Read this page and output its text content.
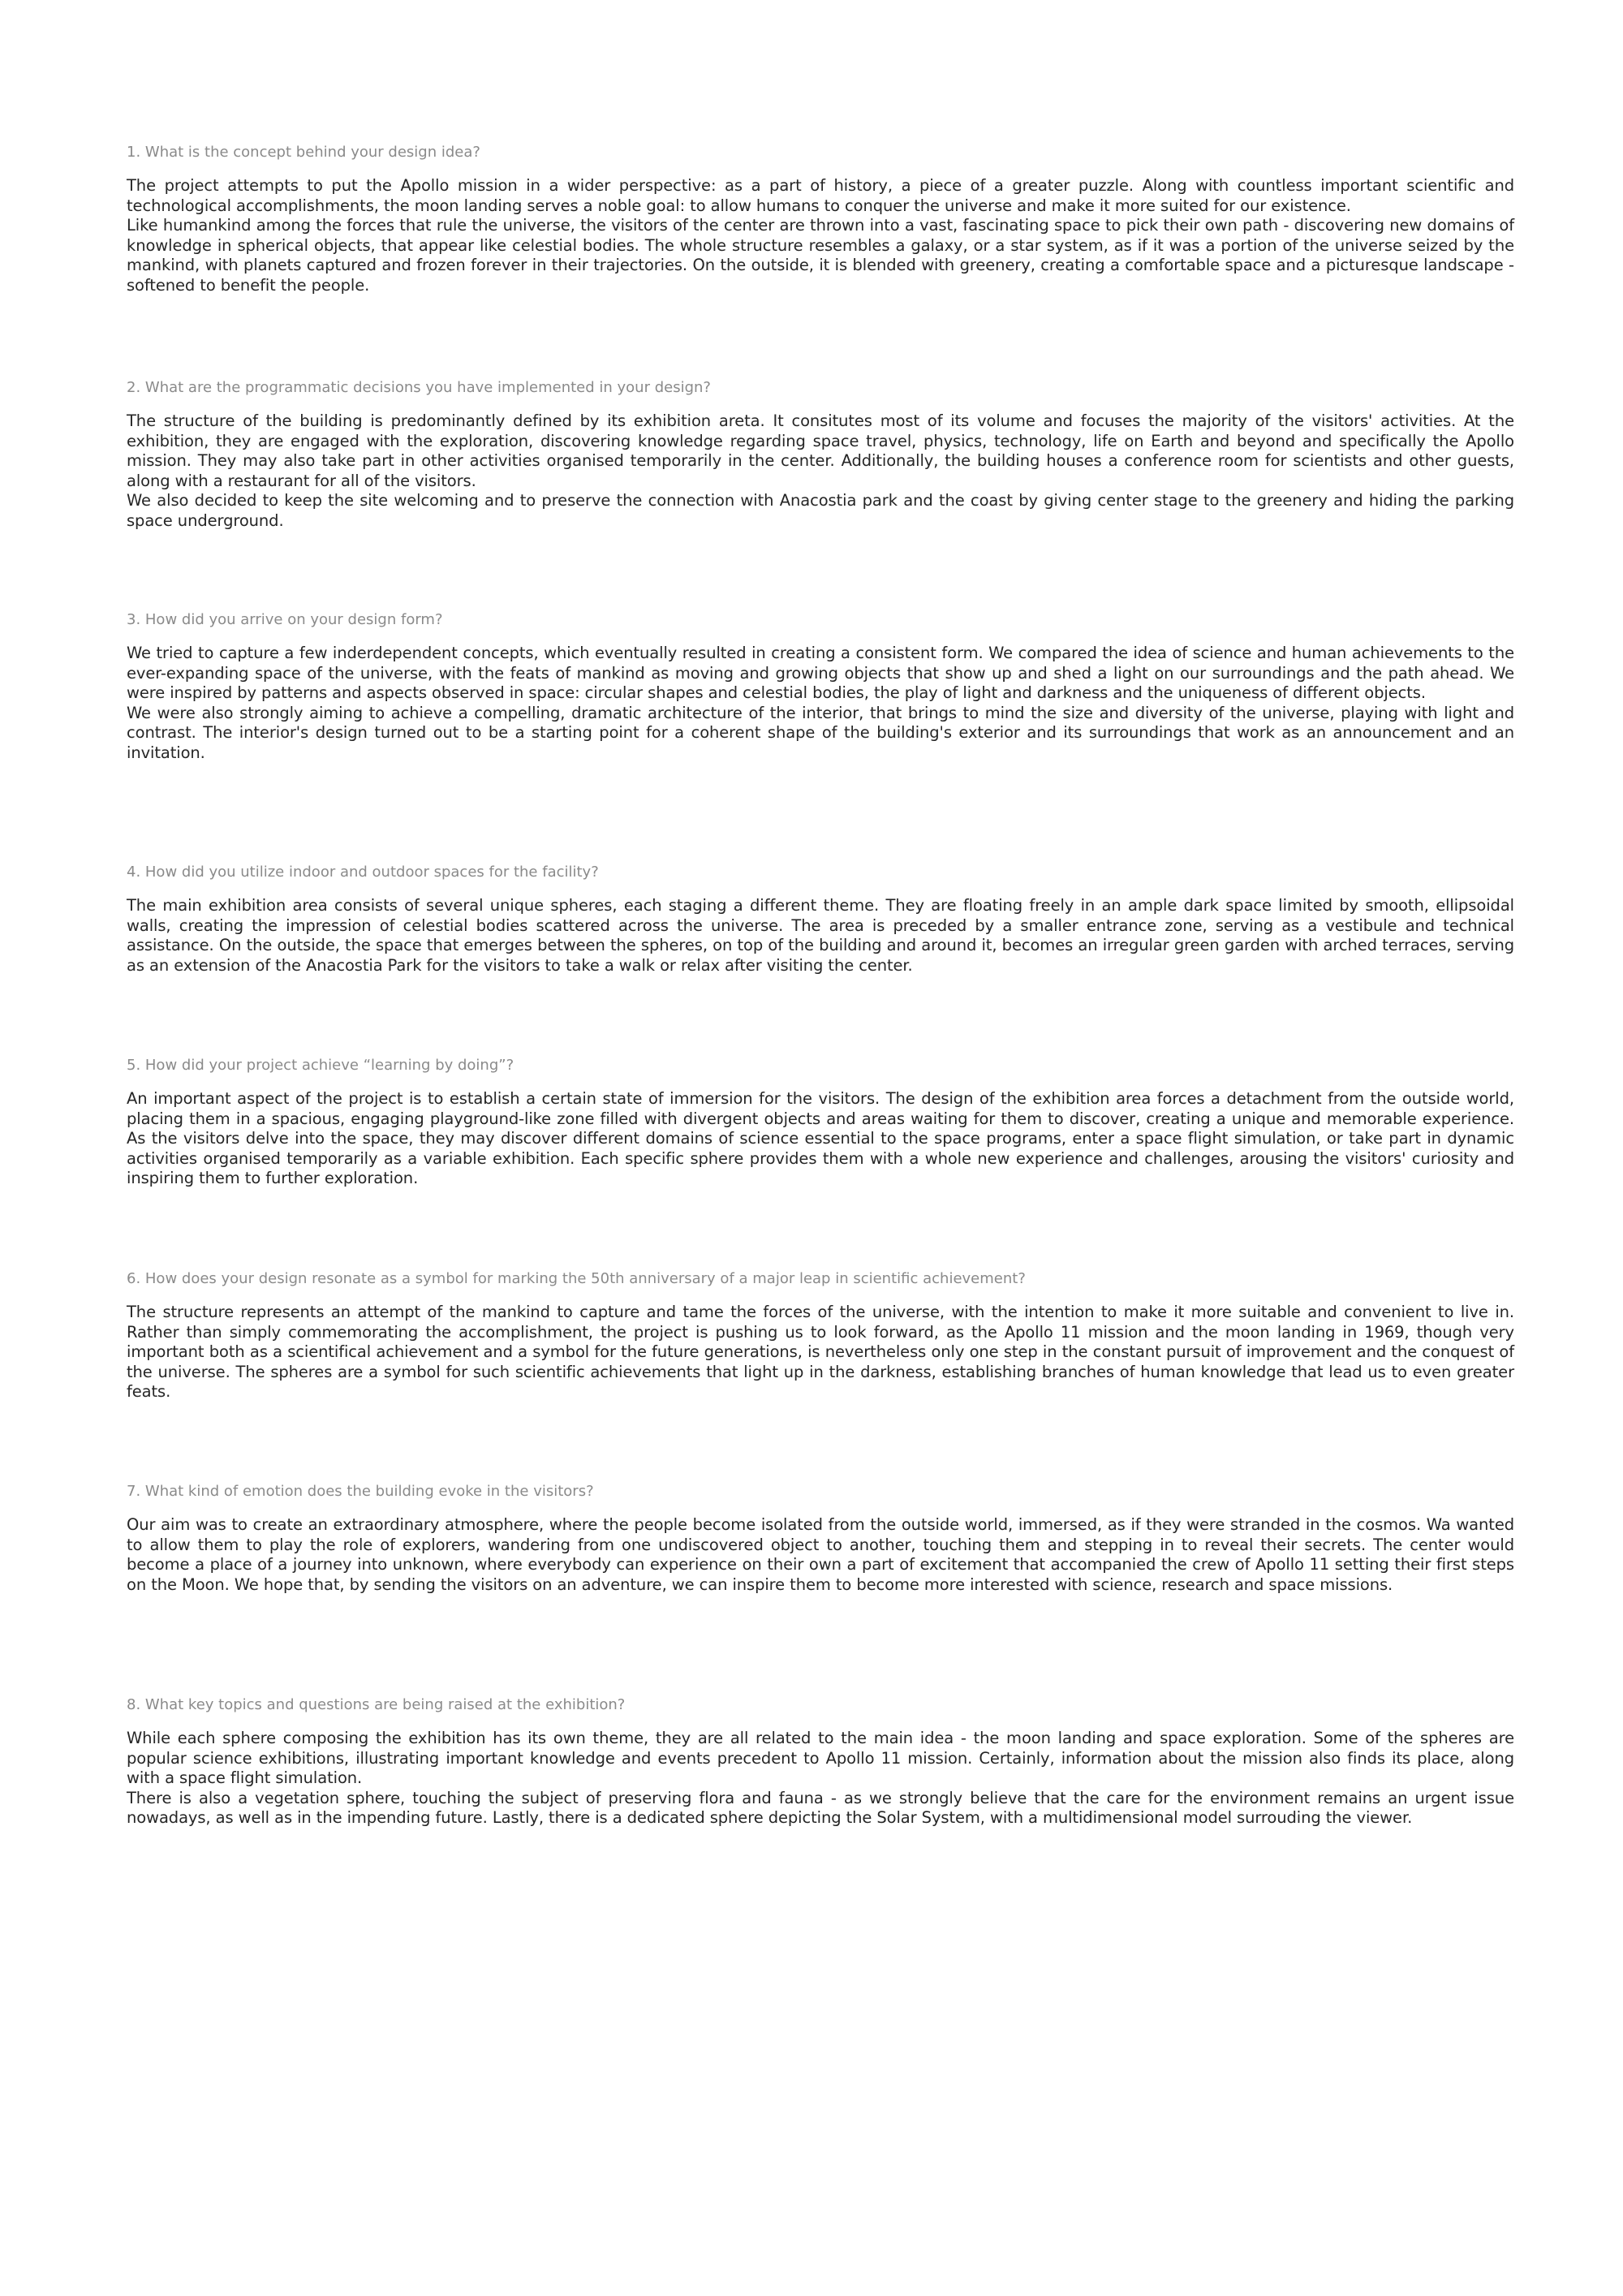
1. What is the concept behind your design idea?

The project attempts to put the Apollo mission in a wider perspective: as a part of history, a piece of a greater puzzle. Along with countless important scientific and technological accomplishments, the moon landing serves a noble goal: to allow humans to conquer the universe and make it more suited for our existence.

Like humankind among the forces that rule the universe, the visitors of the center are thrown into a vast, fascinating space to pick their own path - discovering new domains of knowledge in spherical objects, that appear like celestial bodies. The whole structure resembles a galaxy, or a star system, as if it was a portion of the universe seized by the mankind, with planets captured and frozen forever in their trajectories. On the outside, it is blended with greenery, creating a comfortable space and a picturesque landscape - softened to benefit the people.

2. What are the programmatic decisions you have implemented in your design?

The structure of the building is predominantly defined by its exhibition areta. It consitutes most of its volume and focuses the majority of the visitors' activities. At the exhibition, they are engaged with the exploration, discovering knowledge regarding space travel, physics, technology, life on Earth and beyond and specifically the Apollo mission. They may also take part in other activities organised temporarily in the center. Additionally, the building houses a conference room for scientists and other guests, along with a restaurant for all of the visitors.

We also decided to keep the site welcoming and to preserve the connection with Anacostia park and the coast by giving center stage to the greenery and hiding the parking space underground.

3. How did you arrive on your design form?

We tried to capture a few inderdependent concepts, which eventually resulted in creating a consistent form. We compared the idea of science and human achievements to the ever-expanding space of the universe, with the feats of mankind as moving and growing objects that show up and shed a light on our surroundings and the path ahead. We were inspired by patterns and aspects observed in space: circular shapes and celestial bodies, the play of light and darkness and the uniqueness of different objects.

We were also strongly aiming to achieve a compelling, dramatic architecture of the interior, that brings to mind the size and diversity of the universe, playing with light and contrast. The interior's design turned out to be a starting point for a coherent shape of the building's exterior and its surroundings that work as an announcement and an invitation.

4. How did you utilize indoor and outdoor spaces for the facility?

The main exhibition area consists of several unique spheres, each staging a different theme. They are floating freely in an ample dark space limited by smooth, ellipsoidal walls, creating the impression of celestial bodies scattered across the universe. The area is preceded by a smaller entrance zone, serving as a vestibule and technical assistance. On the outside, the space that emerges between the spheres, on top of the building and around it, becomes an irregular green garden with arched terraces, serving as an extension of the Anacostia Park for the visitors to take a walk or relax after visiting the center.

5. How did your project achieve “learning by doing”?

An important aspect of the project is to establish a certain state of immersion for the visitors. The design of the exhibition area forces a detachment from the outside world, placing them in a spacious, engaging playground-like zone filled with divergent objects and areas waiting for them to discover, creating a unique and memorable experience. As the visitors delve into the space, they may discover different domains of science essential to the space programs, enter a space flight simulation, or take part in dynamic activities organised temporarily as a variable exhibition. Each specific sphere provides them with a whole new experience and challenges, arousing the visitors' curiosity and inspiring them to further exploration.

6. How does your design resonate as a symbol for marking the 50th anniversary of a major leap in scientific achievement?

The structure represents an attempt of the mankind to capture and tame the forces of the universe, with the intention to make it more suitable and convenient to live in. Rather than simply commemorating the accomplishment, the project is pushing us to look forward, as the Apollo 11 mission and the moon landing in 1969, though very important both as a scientifical achievement and a symbol for the future generations, is nevertheless only one step in the constant pursuit of improvement and the conquest of the universe. The spheres are a symbol for such scientific achievements that light up in the darkness, establishing branches of human knowledge that lead us to even greater feats.

7. What kind of emotion does the building evoke in the visitors?

Our aim was to create an extraordinary atmosphere, where the people become isolated from the outside world, immersed, as if they were stranded in the cosmos. Wa wanted to allow them to play the role of explorers, wandering from one undiscovered object to another, touching them and stepping in to reveal their secrets. The center would become a place of a journey into unknown, where everybody can experience on their own a part of excitement that accompanied the crew of Apollo 11 setting their first steps on the Moon. We hope that, by sending the visitors on an adventure, we can inspire them to become more interested with science, research and space missions.

8. What key topics and questions are being raised at the exhibition?

While each sphere composing the exhibition has its own theme, they are all related to the main idea - the moon landing and space exploration. Some of the spheres are popular science exhibitions, illustrating important knowledge and events precedent to Apollo 11 mission. Certainly, information about the mission also finds its place, along with a space flight simulation.

There is also a vegetation sphere, touching the subject of preserving flora and fauna - as we strongly believe that the care for the environment remains an urgent issue nowadays, as well as in the impending future. Lastly, there is a dedicated sphere depicting the Solar System, with a multidimensional model surrouding the viewer.
